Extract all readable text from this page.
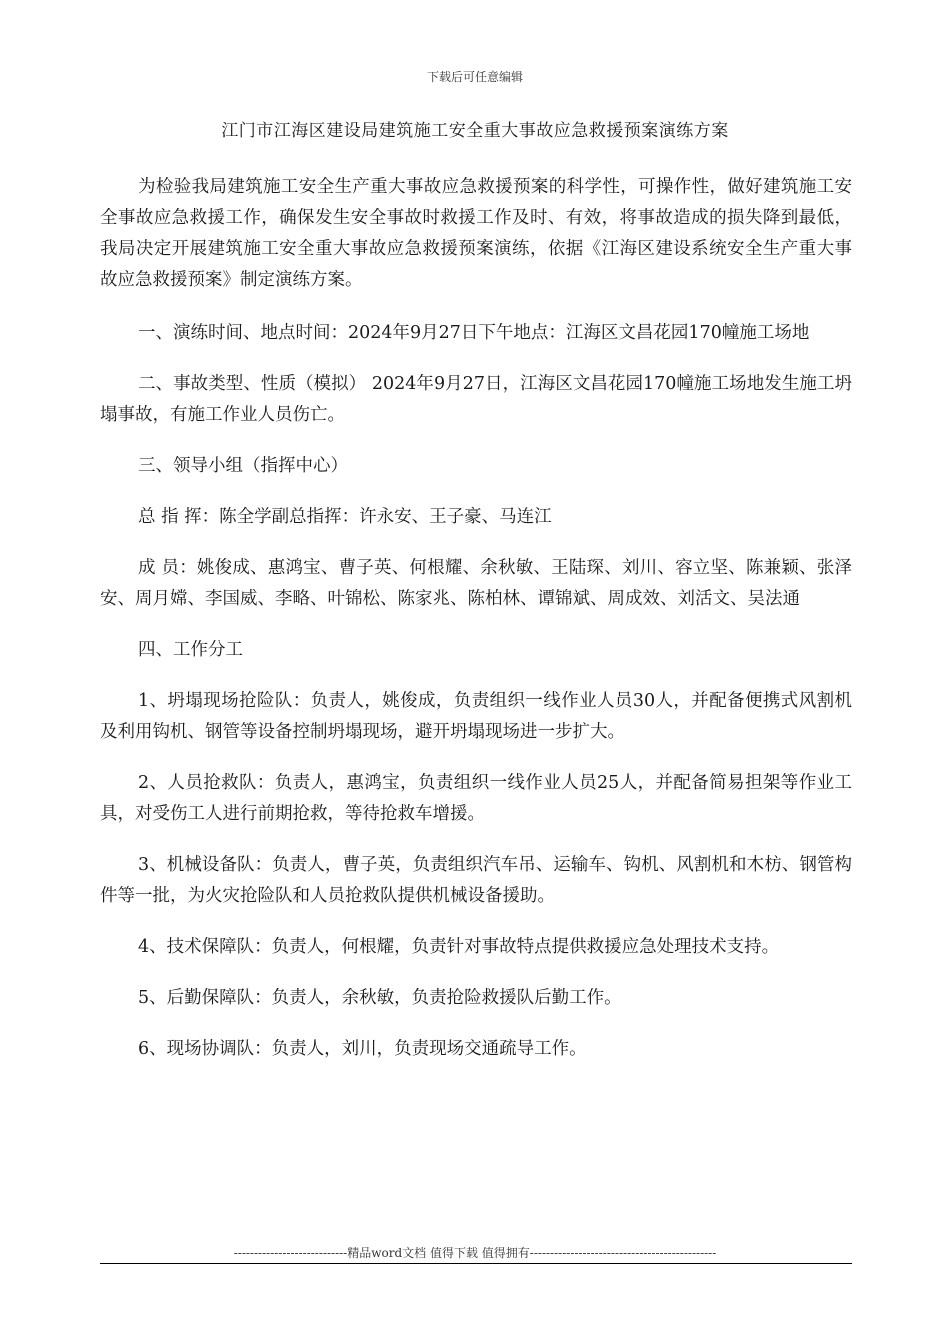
下载后可任意编辑
江门市江海区建设局建筑施工安全重大事故应急救援预案演练方案

为检验我局建筑施工安全生产重大事故应急救援预案的科学性，可操作性，做好建筑施工安全事故应急救援工作，确保发生安全事故时救援工作及时、有效，将事故造成的损失降到最低，我局决定开展建筑施工安全重大事故应急救援预案演练，依据《江海区建设系统安全生产重大事故应急救援预案》制定演练方案。

一、演练时间、地点时间：2024年9月27日下午地点：江海区文昌花园170幢施工场地

二、事故类型、性质（模拟） 2024年9月27日，江海区文昌花园170幢施工场地发生施工坍塌事故，有施工作业人员伤亡。

三、领导小组（指挥中心）

总 指 挥：陈全学副总指挥：许永安、王子豪、马连江

成 员：姚俊成、惠鸿宝、曹子英、何根耀、余秋敏、王陆琛、刘川、容立坚、陈兼颖、张泽安、周月嫦、李国威、李略、叶锦松、陈家兆、陈柏林、谭锦斌、周成效、刘活文、吴法通

四、工作分工

1、坍塌现场抢险队：负责人，姚俊成，负责组织一线作业人员30人，并配备便携式风割机及利用钩机、钢管等设备控制坍塌现场，避开坍塌现场进一步扩大。

2、人员抢救队：负责人，惠鸿宝，负责组织一线作业人员25人，并配备简易担架等作业工具，对受伤工人进行前期抢救，等待抢救车增援。

3、机械设备队：负责人，曹子英，负责组织汽车吊、运输车、钩机、风割机和木枋、钢管构件等一批，为火灾抢险队和人员抢救队提供机械设备援助。

4、技术保障队：负责人，何根耀，负责针对事故特点提供救援应急处理技术支持。

5、后勤保障队：负责人，余秋敏，负责抢险救援队后勤工作。

6、现场协调队：负责人，刘川，负责现场交通疏导工作。

----------------------------精品word文档 值得下载 值得拥有----------------------------------------------
